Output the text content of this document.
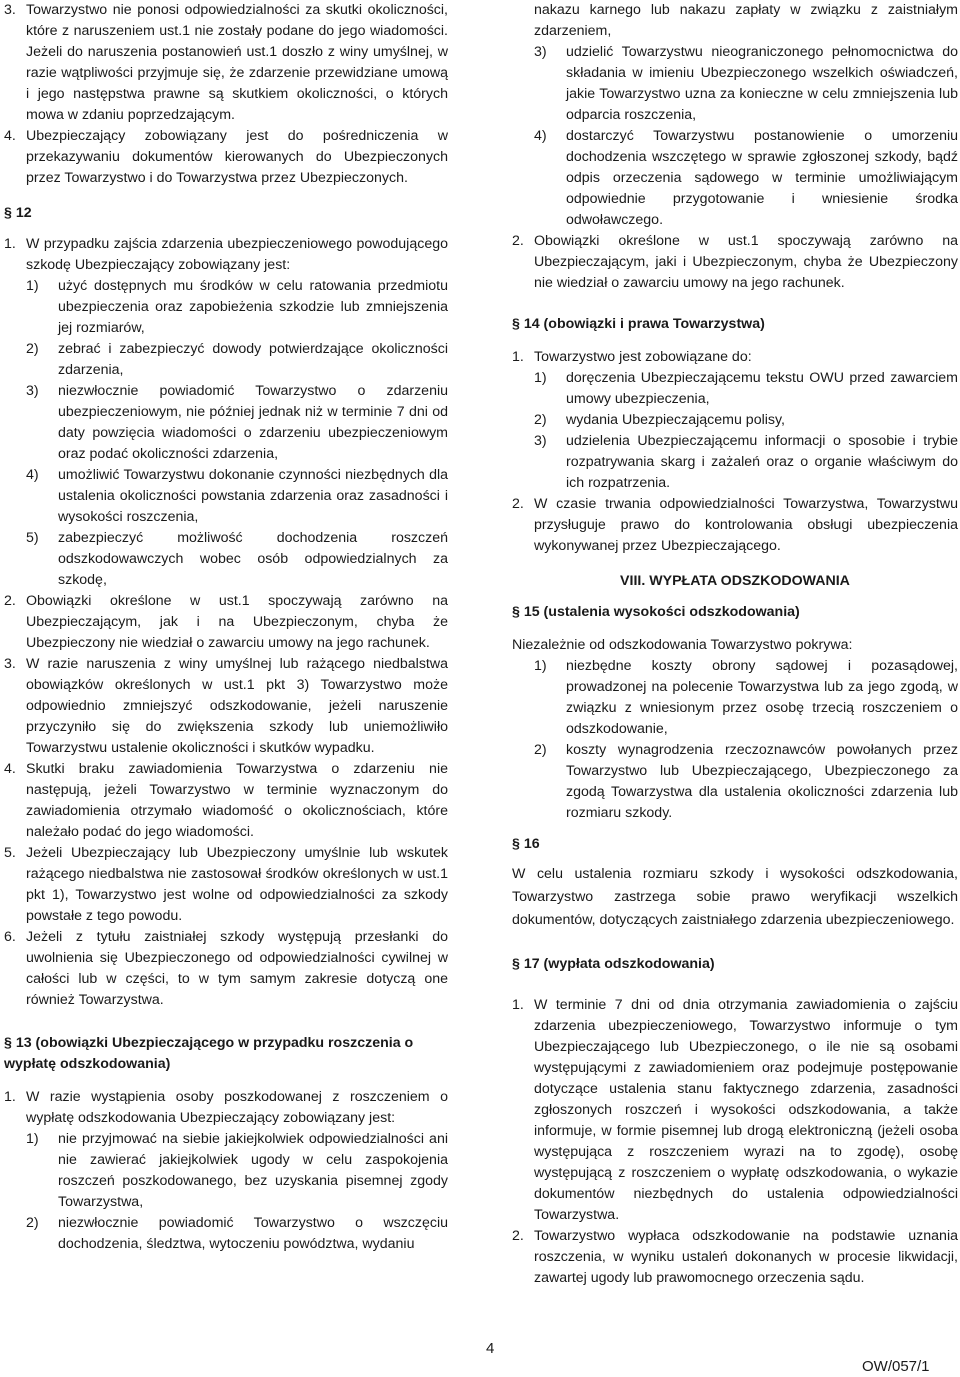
3. Towarzystwo nie ponosi odpowiedzialności za skutki okoliczności, które z naruszeniem ust.1 nie zostały podane do jego wiadomości. Jeżeli do naruszenia postanowień ust.1 doszło z winy umyślnej, w razie wątpliwości przyjmuje się, że zdarzenie przewidziane umową i jego następstwa prawne są skutkiem okoliczności, o których mowa w zdaniu poprzedzającym.
4. Ubezpieczający zobowiązany jest do pośredniczenia w przekazywaniu dokumentów kierowanych do Ubezpieczonych przez Towarzystwo i do Towarzystwa przez Ubezpieczonych.
§ 12
1. W przypadku zajścia zdarzenia ubezpieczeniowego powodującego szkodę Ubezpieczający zobowiązany jest:
1)	użyć dostępnych mu środków w celu ratowania przedmiotu ubezpieczenia oraz zapobieżenia szkodzie lub zmniejszenia jej rozmiarów,
2)	zebrać i zabezpieczyć dowody potwierdzające okoliczności zdarzenia,
3)	niezwłocznie powiadomić Towarzystwo o zdarzeniu ubezpieczeniowym, nie później jednak niż w terminie 7 dni od daty powzięcia wiadomości o zdarzeniu ubezpieczeniowym oraz podać okoliczności zdarzenia,
4)	umożliwić Towarzystwu dokonanie czynności niezbędnych dla ustalenia okoliczności powstania zdarzenia oraz zasadności i wysokości roszczenia,
5)	zabezpieczyć możliwość dochodzenia roszczeń odszkodowawczych wobec osób odpowiedzialnych za szkodę,
2. Obowiązki określone w ust.1 spoczywają zarówno na Ubezpieczającym, jak i na Ubezpieczonym, chyba że Ubezpieczony nie wiedział o zawarciu umowy na jego rachunek.
3. W razie naruszenia z winy umyślnej lub rażącego niedbalstwa obowiązków określonych w ust.1 pkt 3) Towarzystwo może odpowiednio zmniejszyć odszkodowanie, jeżeli naruszenie przyczyniło się do zwiększenia szkody lub uniemożliwiło Towarzystwu ustalenie okoliczności i skutków wypadku.
4. Skutki braku zawiadomienia Towarzystwa o zdarzeniu nie następują, jeżeli Towarzystwo w terminie wyznaczonym do zawiadomienia otrzymało wiadomość o okolicznościach, które należało podać do jego wiadomości.
5. Jeżeli Ubezpieczający lub Ubezpieczony umyślnie lub wskutek rażącego niedbalstwa nie zastosował środków określonych w ust.1 pkt 1), Towarzystwo jest wolne od odpowiedzialności za szkody powstałe z tego powodu.
6. Jeżeli z tytułu zaistniałej szkody występują przesłanki do uwolnienia się Ubezpieczonego od odpowiedzialności cywilnej w całości lub w części, to w tym samym zakresie dotyczą one również Towarzystwa.
§ 13 (obowiązki Ubezpieczającego w przypadku roszczenia o wypłatę odszkodowania)
1. W razie wystąpienia osoby poszkodowanej z roszczeniem o wypłatę odszkodowania Ubezpieczający zobowiązany jest:
1)	nie przyjmować na siebie jakiejkolwiek odpowiedzialności ani nie zawierać jakiejkolwiek ugody w celu zaspokojenia roszczeń poszkodowanego, bez uzyskania pisemnej zgody Towarzystwa,
2)	niezwłocznie powiadomić Towarzystwo o wszczęciu dochodzenia, śledztwa, wytoczeniu powództwa, wydaniu

nakazu karnego lub nakazu zapłaty w związku z zaistniałym zdarzeniem,

3)	udzielić Towarzystwu nieograniczonego pełnomocnictwa do składania w imieniu Ubezpieczonego wszelkich oświadczeń, jakie Towarzystwo uzna za konieczne w celu zmniejszenia lub odparcia roszczenia,
4)	dostarczyć Towarzystwu postanowienie o umorzeniu dochodzenia wszczętego w sprawie zgłoszonej szkody, bądź odpis orzeczenia sądowego w terminie umożliwiającym odpowiednie przygotowanie i wniesienie środka odwoławczego.
2. Obowiązki określone w ust.1 spoczywają zarówno na Ubezpieczającym, jaki i Ubezpieczonym, chyba że Ubezpieczony nie wiedział o zawarciu umowy na jego rachunek.
§ 14 (obowiązki i prawa Towarzystwa)
1. Towarzystwo jest zobowiązane do:
1)	doręczenia Ubezpieczającemu tekstu OWU przed zawarciem umowy ubezpieczenia,
2)	wydania Ubezpieczającemu polisy,
3)	udzielenia Ubezpieczającemu informacji o sposobie i trybie rozpatrywania skarg i zażaleń oraz o organie właściwym do ich rozpatrzenia.
2. W czasie trwania odpowiedzialności Towarzystwa, Towarzystwu przysługuje prawo do kontrolowania obsługi ubezpieczenia wykonywanej przez Ubezpieczającego.
VIII. WYPŁATA ODSZKODOWANIA
§ 15 (ustalenia wysokości odszkodowania)

Niezależnie od odszkodowania Towarzystwo pokrywa:

1)	niezbędne koszty obrony sądowej i pozasądowej, prowadzonej na polecenie Towarzystwa lub za jego zgodą, w związku z wniesionym przez osobę trzecią roszczeniem o odszkodowanie,
2)	koszty wynagrodzenia rzeczoznawców powołanych przez Towarzystwo lub Ubezpieczającego, Ubezpieczonego za zgodą Towarzystwa dla ustalenia okoliczności zdarzenia lub rozmiaru szkody.
§ 16

W celu ustalenia rozmiaru szkody i wysokości odszkodowania, Towarzystwo zastrzega sobie prawo weryfikacji wszelkich dokumentów, dotyczących zaistniałego zdarzenia ubezpieczeniowego.

§ 17 (wypłata odszkodowania)
1. W terminie 7 dni od dnia otrzymania zawiadomienia o zajściu zdarzenia ubezpieczeniowego, Towarzystwo informuje o tym Ubezpieczającego lub Ubezpieczonego, o ile nie są osobami występującymi z zawiadomieniem oraz podejmuje postępowanie dotyczące ustalenia stanu faktycznego zdarzenia, zasadności zgłoszonych roszczeń i wysokości odszkodowania, a także informuje, w formie pisemnej lub drogą elektroniczną (jeżeli osoba występująca z roszczeniem wyrazi na to zgodę), osobę występującą z roszczeniem o wypłatę odszkodowania, o wykazie dokumentów niezbędnych do ustalenia odpowiedzialności Towarzystwa.
2. Towarzystwo wypłaca odszkodowanie na podstawie uznania roszczenia, w wyniku ustaleń dokonanych w procesie likwidacji, zawartej ugody lub prawomocnego orzeczenia sądu.
4
OW/057/1
